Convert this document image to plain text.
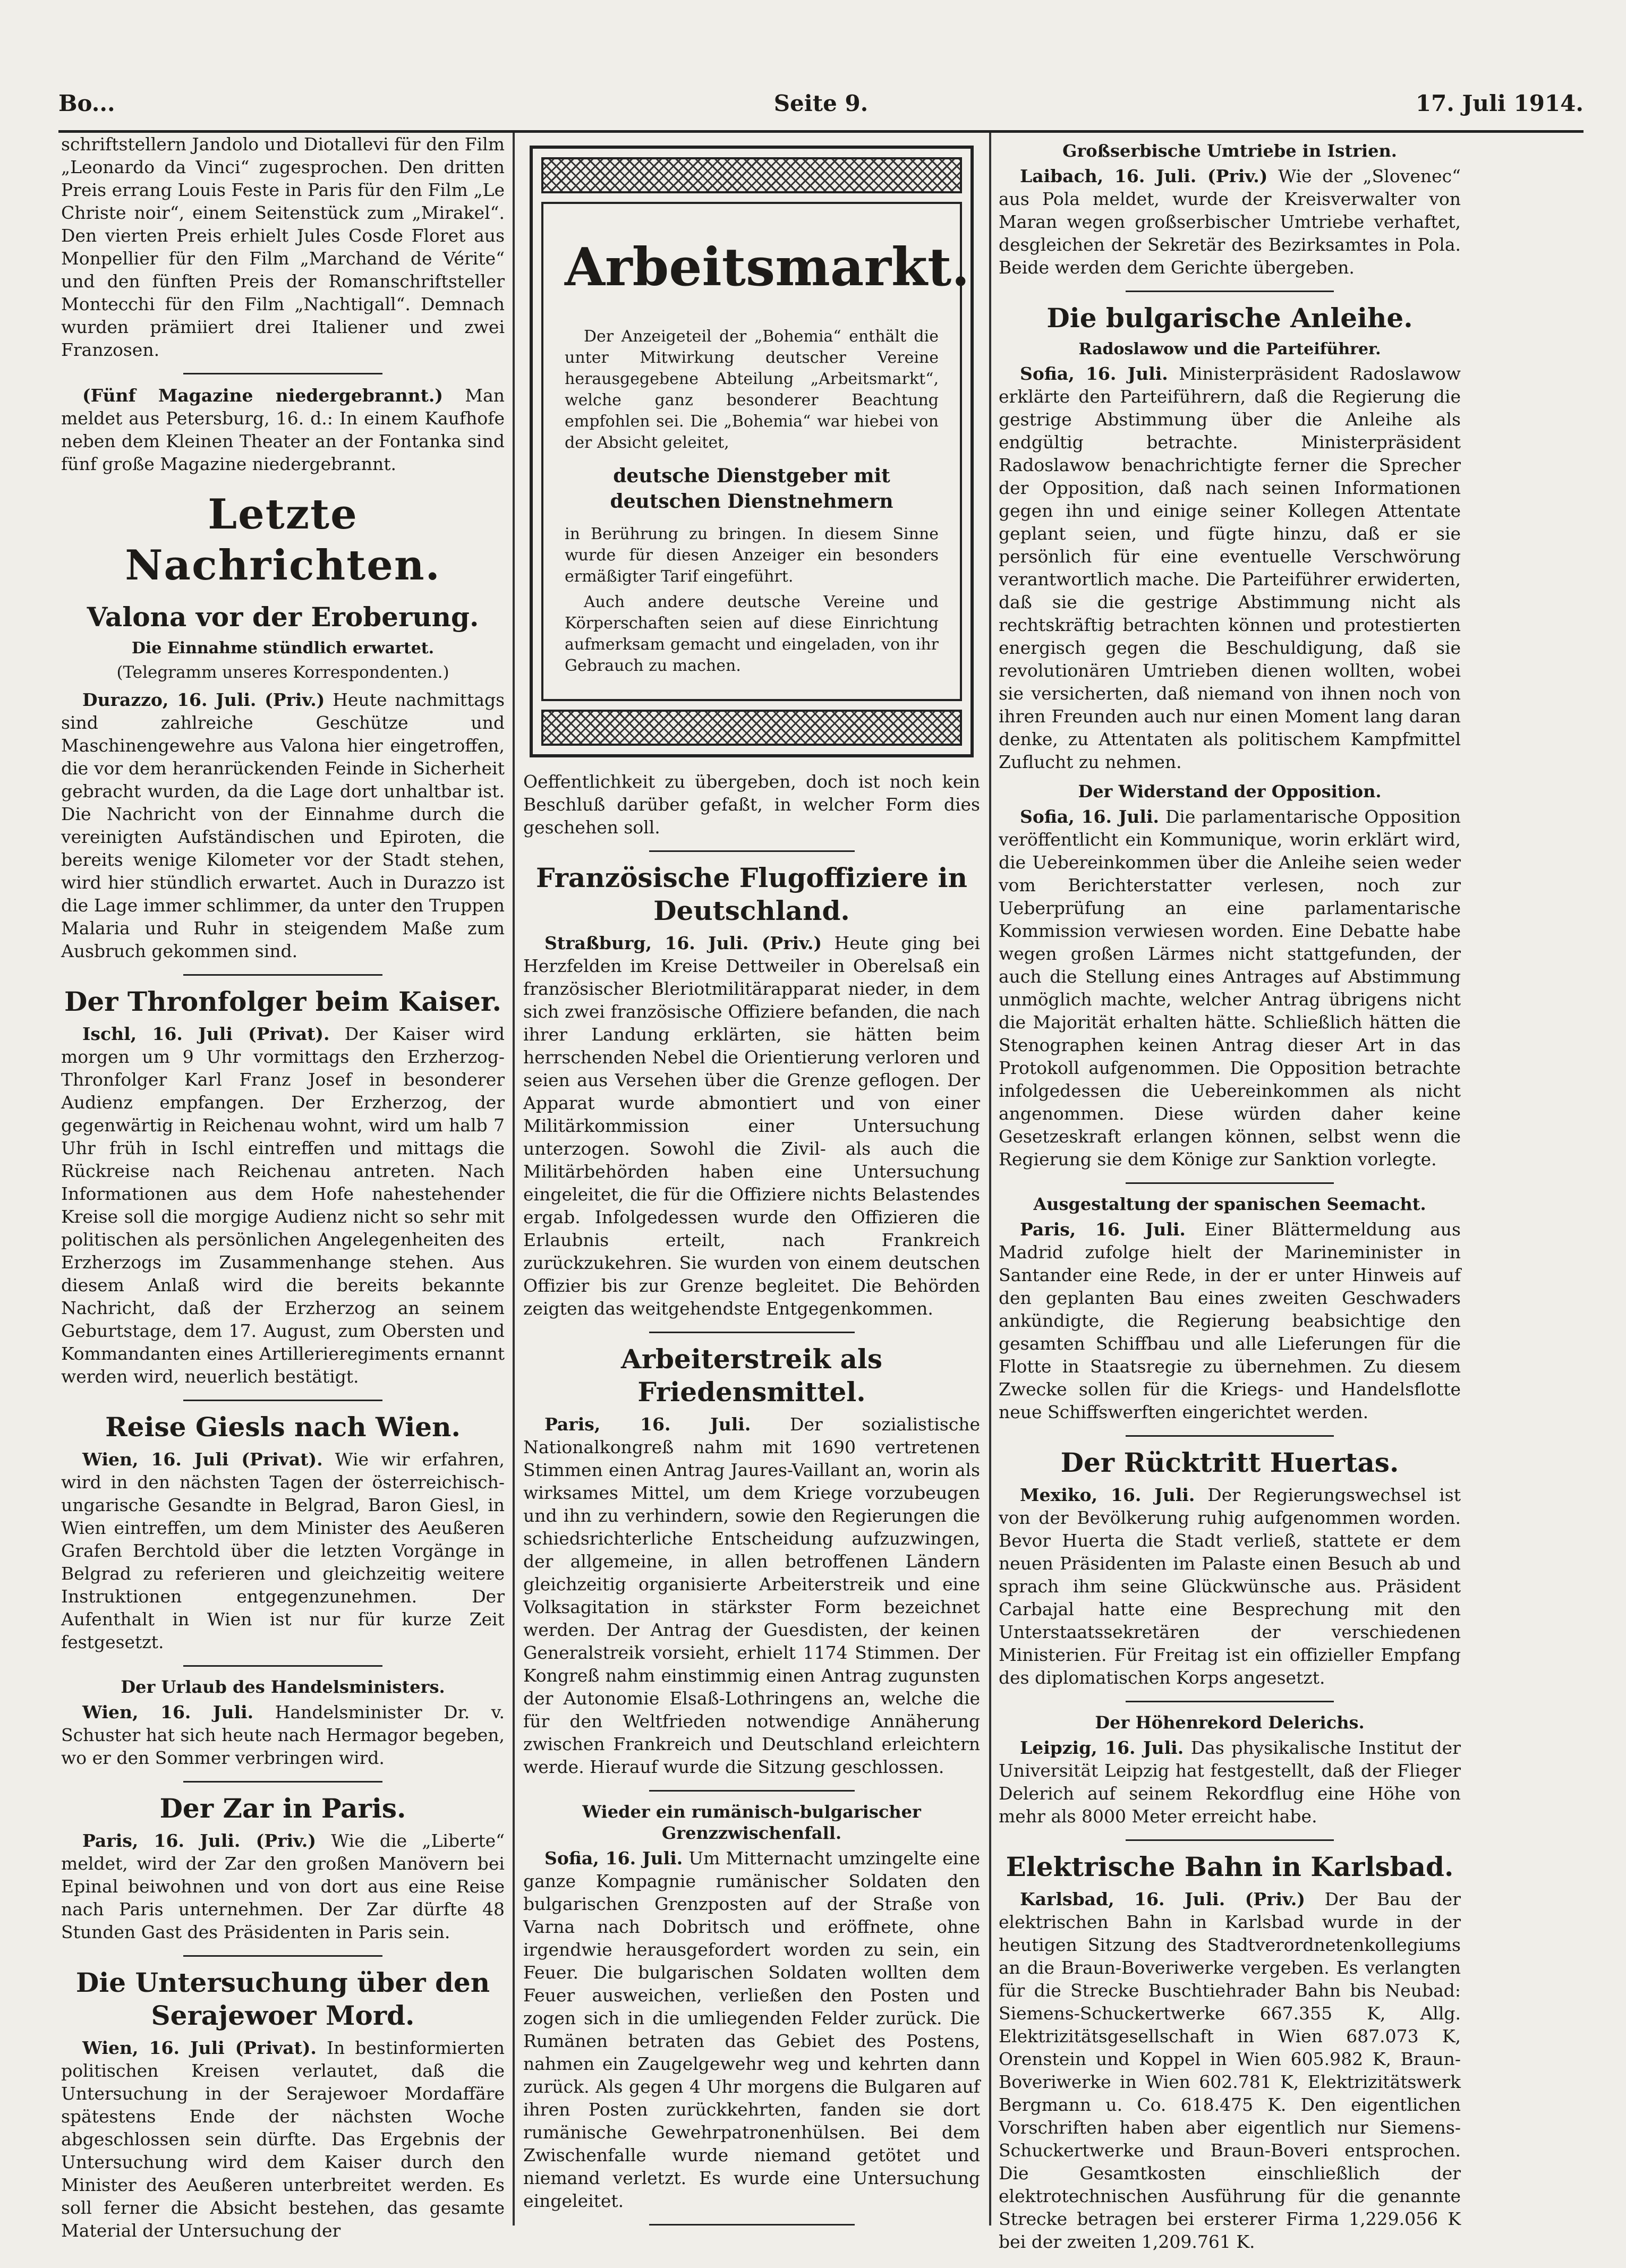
Bo...	Seite 9.	17. Juli 1914.

schriftstellern Jandolo und Diotallevi für den Film „Leonardo da Vinci“ zugesprochen. Den dritten Preis errang Louis Feste in Paris für den Film „Le Christe noir“, einem Seitenstück zum „Mirakel“. Den vierten Preis erhielt Jules Cosde Floret aus Monpellier für den Film „Marchand de Vérite“ und den fünften Preis der Romanschriftsteller Montecchi für den Film „Nachtigall“. Demnach wurden prämiiert drei Italiener und zwei Franzosen.

(Fünf Magazine niedergebrannt.) Man meldet aus Petersburg, 16. d.: In einem Kaufhofe neben dem Kleinen Theater an der Fontanka sind fünf große Magazine niedergebrannt.

Letzte Nachrichten.
Valona vor der Eroberung.
Die Einnahme stündlich erwartet.
(Telegramm unseres Korrespondenten.)

Durazzo, 16. Juli. (Priv.) Heute nachmittags sind zahlreiche Geschütze und Maschinengewehre aus Valona hier eingetroffen, die vor dem heranrückenden Feinde in Sicherheit gebracht wurden, da die Lage dort unhaltbar ist. Die Nachricht von der Einnahme durch die vereinigten Aufständischen und Epiroten, die bereits wenige Kilometer vor der Stadt stehen, wird hier stündlich erwartet. Auch in Durazzo ist die Lage immer schlimmer, da unter den Truppen Malaria und Ruhr in steigendem Maße zum Ausbruch gekommen sind.

Der Thronfolger beim Kaiser.

Ischl, 16. Juli (Privat). Der Kaiser wird morgen um 9 Uhr vormittags den Erzherzog-Thronfolger Karl Franz Josef in besonderer Audienz empfangen. Der Erzherzog, der gegenwärtig in Reichenau wohnt, wird um halb 7 Uhr früh in Ischl eintreffen und mittags die Rückreise nach Reichenau antreten. Nach Informationen aus dem Hofe nahestehender Kreise soll die morgige Audienz nicht so sehr mit politischen als persönlichen Angelegenheiten des Erzherzogs im Zusammenhange stehen. Aus diesem Anlaß wird die bereits bekannte Nachricht, daß der Erzherzog an seinem Geburtstage, dem 17. August, zum Obersten und Kommandanten eines Artillerieregiments ernannt werden wird, neuerlich bestätigt.

Reise Giesls nach Wien.

Wien, 16. Juli (Privat). Wie wir erfahren, wird in den nächsten Tagen der österreichisch-ungarische Gesandte in Belgrad, Baron Giesl, in Wien eintreffen, um dem Minister des Aeußeren Grafen Berchtold über die letzten Vorgänge in Belgrad zu referieren und gleichzeitig weitere Instruktionen entgegenzunehmen. Der Aufenthalt in Wien ist nur für kurze Zeit festgesetzt.

Der Urlaub des Handelsministers.

Wien, 16. Juli. Handelsminister Dr. v. Schuster hat sich heute nach Hermagor begeben, wo er den Sommer verbringen wird.

Der Zar in Paris.

Paris, 16. Juli. (Priv.) Wie die „Liberte“ meldet, wird der Zar den großen Manövern bei Epinal beiwohnen und von dort aus eine Reise nach Paris unternehmen. Der Zar dürfte 48 Stunden Gast des Präsidenten in Paris sein.

Die Untersuchung über den Serajewoer Mord.

Wien, 16. Juli (Privat). In bestinformierten politischen Kreisen verlautet, daß die Untersuchung in der Serajewoer Mordaffäre spätestens Ende der nächsten Woche abgeschlossen sein dürfte. Das Ergebnis der Untersuchung wird dem Kaiser durch den Minister des Aeußeren unterbreitet werden. Es soll ferner die Absicht bestehen, das gesamte Material der Untersuchung der

Arbeitsmarkt.

Der Anzeigeteil der „Bohemia“ enthält die unter Mitwirkung deutscher Vereine herausgegebene Abteilung „Arbeitsmarkt“, welche ganz besonderer Beachtung empfohlen sei. Die „Bohemia“ war hiebei von der Absicht geleitet,

deutsche Dienstgeber mit deutschen Dienstnehmern

in Berührung zu bringen. In diesem Sinne wurde für diesen Anzeiger ein besonders ermäßigter Tarif eingeführt.

Auch andere deutsche Vereine und Körperschaften seien auf diese Einrichtung aufmerksam gemacht und eingeladen, von ihr Gebrauch zu machen.

Oeffentlichkeit zu übergeben, doch ist noch kein Beschluß darüber gefaßt, in welcher Form dies geschehen soll.

Französische Flugoffiziere in Deutschland.

Straßburg, 16. Juli. (Priv.) Heute ging bei Herzfelden im Kreise Dettweiler in Oberelsaß ein französischer Bleriotmilitärapparat nieder, in dem sich zwei französische Offiziere befanden, die nach ihrer Landung erklärten, sie hätten beim herrschenden Nebel die Orientierung verloren und seien aus Versehen über die Grenze geflogen. Der Apparat wurde abmontiert und von einer Militärkommission einer Untersuchung unterzogen. Sowohl die Zivil- als auch die Militärbehörden haben eine Untersuchung eingeleitet, die für die Offiziere nichts Belastendes ergab. Infolgedessen wurde den Offizieren die Erlaubnis erteilt, nach Frankreich zurückzukehren. Sie wurden von einem deutschen Offizier bis zur Grenze begleitet. Die Behörden zeigten das weitgehendste Entgegenkommen.

Arbeiterstreik als Friedensmittel.

Paris, 16. Juli. Der sozialistische Nationalkongreß nahm mit 1690 vertretenen Stimmen einen Antrag Jaures-Vaillant an, worin als wirksames Mittel, um dem Kriege vorzubeugen und ihn zu verhindern, sowie den Regierungen die schiedsrichterliche Entscheidung aufzuzwingen, der allgemeine, in allen betroffenen Ländern gleichzeitig organisierte Arbeiterstreik und eine Volksagitation in stärkster Form bezeichnet werden. Der Antrag der Guesdisten, der keinen Generalstreik vorsieht, erhielt 1174 Stimmen. Der Kongreß nahm einstimmig einen Antrag zugunsten der Autonomie Elsaß-Lothringens an, welche die für den Weltfrieden notwendige Annäherung zwischen Frankreich und Deutschland erleichtern werde. Hierauf wurde die Sitzung geschlossen.

Wieder ein rumänisch-bulgarischer Grenzzwischenfall.

Sofia, 16. Juli. Um Mitternacht umzingelte eine ganze Kompagnie rumänischer Soldaten den bulgarischen Grenzposten auf der Straße von Varna nach Dobritsch und eröffnete, ohne irgendwie herausgefordert worden zu sein, ein Feuer. Die bulgarischen Soldaten wollten dem Feuer ausweichen, verließen den Posten und zogen sich in die umliegenden Felder zurück. Die Rumänen betraten das Gebiet des Postens, nahmen ein Zaugelgewehr weg und kehrten dann zurück. Als gegen 4 Uhr morgens die Bulgaren auf ihren Posten zurückkehrten, fanden sie dort rumänische Gewehrpatronenhülsen. Bei dem Zwischenfalle wurde niemand getötet und niemand verletzt. Es wurde eine Untersuchung eingeleitet.

Großserbische Umtriebe in Istrien.

Laibach, 16. Juli. (Priv.) Wie der „Slovenec“ aus Pola meldet, wurde der Kreisverwalter von Maran wegen großserbischer Umtriebe verhaftet, desgleichen der Sekretär des Bezirksamtes in Pola. Beide werden dem Gerichte übergeben.

Die bulgarische Anleihe.
Radoslawow und die Parteiführer.

Sofia, 16. Juli. Ministerpräsident Radoslawow erklärte den Parteiführern, daß die Regierung die gestrige Abstimmung über die Anleihe als endgültig betrachte. Ministerpräsident Radoslawow benachrichtigte ferner die Sprecher der Opposition, daß nach seinen Informationen gegen ihn und einige seiner Kollegen Attentate geplant seien, und fügte hinzu, daß er sie persönlich für eine eventuelle Verschwörung verantwortlich mache. Die Parteiführer erwiderten, daß sie die gestrige Abstimmung nicht als rechtskräftig betrachten können und protestierten energisch gegen die Beschuldigung, daß sie revolutionären Umtrieben dienen wollten, wobei sie versicherten, daß niemand von ihnen noch von ihren Freunden auch nur einen Moment lang daran denke, zu Attentaten als politischem Kampfmittel Zuflucht zu nehmen.

Der Widerstand der Opposition.

Sofia, 16. Juli. Die parlamentarische Opposition veröffentlicht ein Kommunique, worin erklärt wird, die Uebereinkommen über die Anleihe seien weder vom Berichterstatter verlesen, noch zur Ueberprüfung an eine parlamentarische Kommission verwiesen worden. Eine Debatte habe wegen großen Lärmes nicht stattgefunden, der auch die Stellung eines Antrages auf Abstimmung unmöglich machte, welcher Antrag übrigens nicht die Majorität erhalten hätte. Schließlich hätten die Stenographen keinen Antrag dieser Art in das Protokoll aufgenommen. Die Opposition betrachte infolgedessen die Uebereinkommen als nicht angenommen. Diese würden daher keine Gesetzeskraft erlangen können, selbst wenn die Regierung sie dem Könige zur Sanktion vorlegte.

Ausgestaltung der spanischen Seemacht.

Paris, 16. Juli. Einer Blättermeldung aus Madrid zufolge hielt der Marineminister in Santander eine Rede, in der er unter Hinweis auf den geplanten Bau eines zweiten Geschwaders ankündigte, die Regierung beabsichtige den gesamten Schiffbau und alle Lieferungen für die Flotte in Staatsregie zu übernehmen. Zu diesem Zwecke sollen für die Kriegs- und Handelsflotte neue Schiffswerften eingerichtet werden.

Der Rücktritt Huertas.

Mexiko, 16. Juli. Der Regierungswechsel ist von der Bevölkerung ruhig aufgenommen worden. Bevor Huerta die Stadt verließ, stattete er dem neuen Präsidenten im Palaste einen Besuch ab und sprach ihm seine Glückwünsche aus. Präsident Carbajal hatte eine Besprechung mit den Unterstaatssekretären der verschiedenen Ministerien. Für Freitag ist ein offizieller Empfang des diplomatischen Korps angesetzt.

Der Höhenrekord Delerichs.

Leipzig, 16. Juli. Das physikalische Institut der Universität Leipzig hat festgestellt, daß der Flieger Delerich auf seinem Rekordflug eine Höhe von mehr als 8000 Meter erreicht habe.

Elektrische Bahn in Karlsbad.

Karlsbad, 16. Juli. (Priv.) Der Bau der elektrischen Bahn in Karlsbad wurde in der heutigen Sitzung des Stadtverordnetenkollegiums an die Braun-Boveriwerke vergeben. Es verlangten für die Strecke Buschtiehrader Bahn bis Neubad: Siemens-Schuckertwerke 667.355 K, Allg. Elektrizitätsgesellschaft in Wien 687.073 K, Orenstein und Koppel in Wien 605.982 K, Braun-Boveriwerke in Wien 602.781 K, Elektrizitätswerk Bergmann u. Co. 618.475 K. Den eigentlichen Vorschriften haben aber eigentlich nur Siemens-Schuckertwerke und Braun-Boveri entsprochen. Die Gesamtkosten einschließlich der elektrotechnischen Ausführung für die genannte Strecke betragen bei ersterer Firma 1,229.056 K bei der zweiten 1,209.761 K.
